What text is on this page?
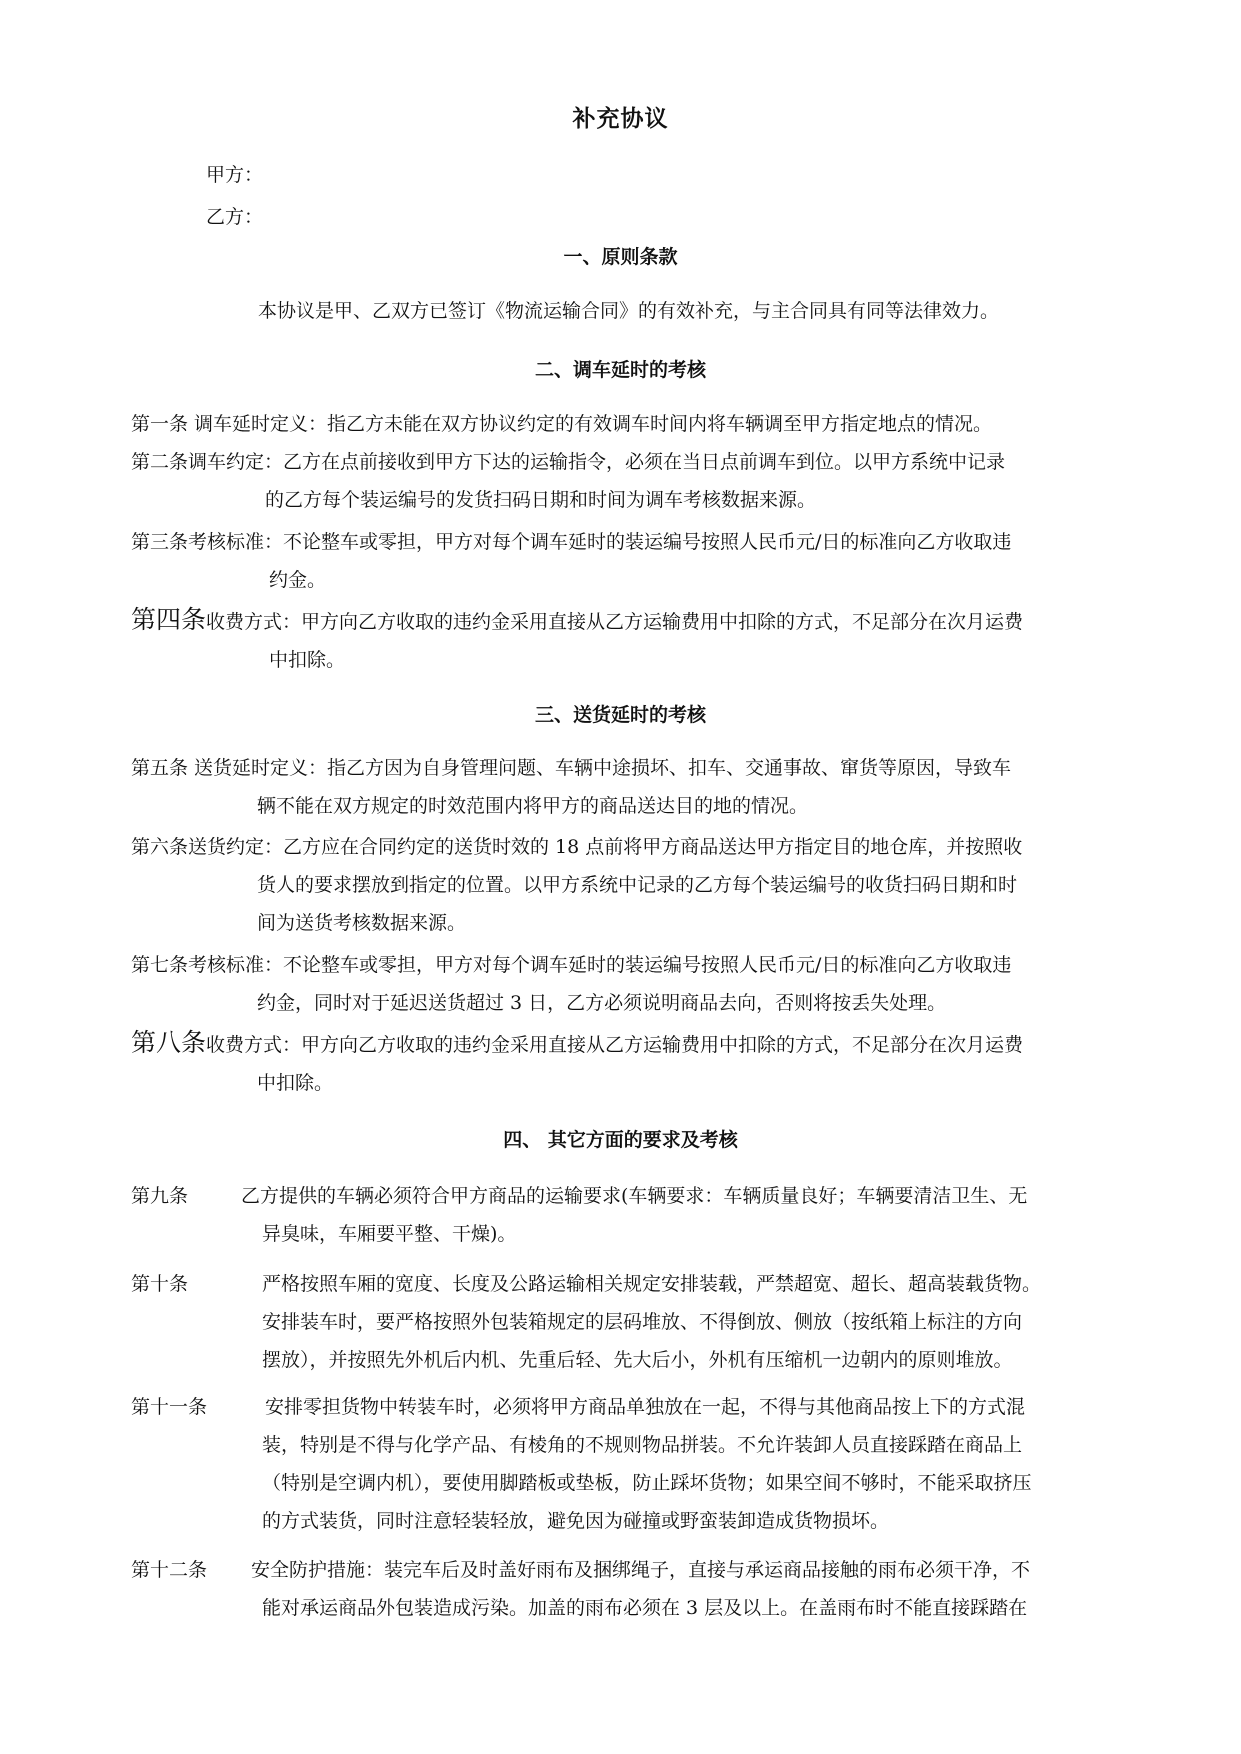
补充协议
甲方：
乙方：
一、原则条款
本协议是甲、乙双方已签订《物流运输合同》的有效补充，与主合同具有同等法律效力。
二、调车延时的考核
第一条 调车延时定义：指乙方未能在双方协议约定的有效调车时间内将车辆调至甲方指定地点的情况。
第二条调车约定：乙方在点前接收到甲方下达的运输指令，必须在当日点前调车到位。以甲方系统中记录
的乙方每个装运编号的发货扫码日期和时间为调车考核数据来源。
第三条考核标准：不论整车或零担，甲方对每个调车延时的装运编号按照人民币元/日的标准向乙方收取违
约金。
第四条收费方式：甲方向乙方收取的违约金采用直接从乙方运输费用中扣除的方式，不足部分在次月运费
中扣除。
三、送货延时的考核
第五条 送货延时定义：指乙方因为自身管理问题、车辆中途损坏、扣车、交通事故、窜货等原因，导致车
辆不能在双方规定的时效范围内将甲方的商品送达目的地的情况。
第六条送货约定：乙方应在合同约定的送货时效的 18 点前将甲方商品送达甲方指定目的地仓库，并按照收
货人的要求摆放到指定的位置。以甲方系统中记录的乙方每个装运编号的收货扫码日期和时
间为送货考核数据来源。
第七条考核标准：不论整车或零担，甲方对每个调车延时的装运编号按照人民币元/日的标准向乙方收取违
约金，同时对于延迟送货超过 3 日，乙方必须说明商品去向，否则将按丢失处理。
第八条收费方式：甲方向乙方收取的违约金采用直接从乙方运输费用中扣除的方式，不足部分在次月运费
中扣除。
四、 其它方面的要求及考核
第九条	乙方提供的车辆必须符合甲方商品的运输要求(车辆要求：车辆质量良好；车辆要清洁卫生、无
异臭味，车厢要平整、干燥)。
第十条	严格按照车厢的宽度、长度及公路运输相关规定安排装载，严禁超宽、超长、超高装载货物。
安排装车时，要严格按照外包装箱规定的层码堆放、不得倒放、侧放（按纸箱上标注的方向
摆放），并按照先外机后内机、先重后轻、先大后小，外机有压缩机一边朝内的原则堆放。
第十一条	安排零担货物中转装车时，必须将甲方商品单独放在一起，不得与其他商品按上下的方式混
装，特别是不得与化学产品、有棱角的不规则物品拼装。不允许装卸人员直接踩踏在商品上
（特别是空调内机），要使用脚踏板或垫板，防止踩坏货物；如果空间不够时，不能采取挤压
的方式装货，同时注意轻装轻放，避免因为碰撞或野蛮装卸造成货物损坏。
第十二条 安全防护措施：装完车后及时盖好雨布及捆绑绳子，直接与承运商品接触的雨布必须干净，不
能对承运商品外包装造成污染。加盖的雨布必须在 3 层及以上。在盖雨布时不能直接踩踏在
